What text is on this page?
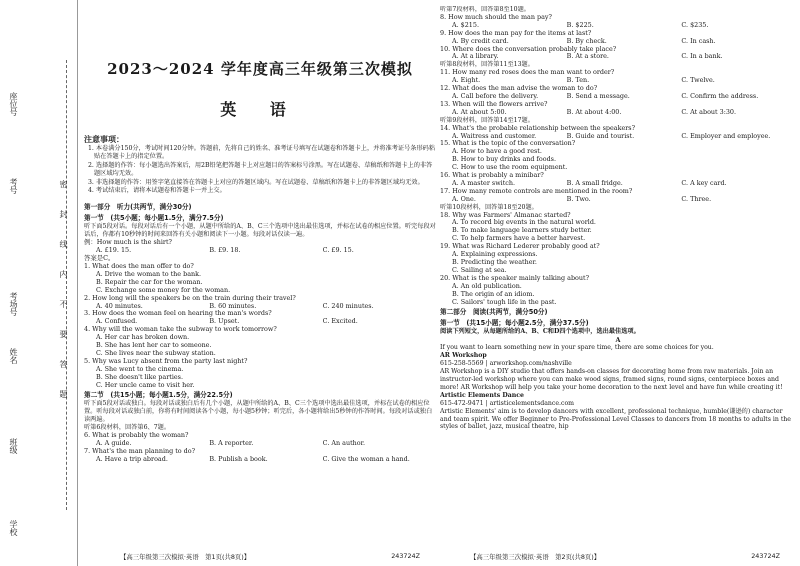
座位号
考号
考场号
姓名
班级
学校
密
封
线
内
不
要
答
题
2023～2024 学年度高三年级第三次模拟
英 语
注意事项：
1. 本卷满分150分，考试时间120分钟。答题前，先将自己的姓名、准考证号填写在试题卷和答题卡上，并将准考证号条形码粘贴在答题卡上的指定位置。
2. 选择题的作答：每小题选出答案后，用2B铅笔把答题卡上对应题目的答案标号涂黑。写在试题卷、草稿纸和答题卡上的非答题区域均无效。
3. 非选择题的作答：用签字笔直接答在答题卡上对应的答题区域内。写在试题卷、草稿纸和答题卡上的非答题区域均无效。
4. 考试结束后，请将本试题卷和答题卡一并上交。
第一部分　听力(共两节，满分30分)
第一节　(共5小题；每小题1.5分，满分7.5分)
听下面5段对话。每段对话后有一个小题，从题中所给的A、B、C三个选项中选出最佳选项，并标在试卷的相应位置。听完每段对话后，你都有10秒钟的时间来回答有关小题和阅读下一小题。每段对话仅读一遍。
例：How much is the shirt?
A. £19. 15.	B. £9. 18.	C. £9. 15.
答案是C。
1. What does the man offer to do?
A. Drive the woman to the bank.
B. Repair the car for the woman.
C. Exchange some money for the woman.
2. How long will the speakers be on the train during their travel?
A. 40 minutes.	B. 60 minutes.	C. 240 minutes.
3. How does the woman feel on hearing the man's words?
A. Confused.	B. Upset.	C. Excited.
4. Why will the woman take the subway to work tomorrow?
A. Her car has broken down.
B. She has lent her car to someone.
C. She lives near the subway station.
5. Why was Lucy absent from the party last night?
A. She went to the cinema.
B. She doesn't like parties.
C. Her uncle came to visit her.
第二节　(共15小题；每小题1.5分，满分22.5分)
听下面5段对话或独白。每段对话或独白后有几个小题，从题中所给的A、B、C三个选项中选出最佳选项，并标在试卷的相应位置。听每段对话或独白前，你将有时间阅读各个小题，每小题5秒钟；听完后，各小题将给出5秒钟的作答时间。每段对话或独白读两遍。
听第6段材料，回答第6、7题。
6. What is probably the woman?
A. A guide.	B. A reporter.	C. An author.
7. What's the man planning to do?
A. Have a trip abroad.	B. Publish a book.	C. Give the woman a hand.
听第7段材料，回答第8至10题。
8. How much should the man pay?
A. $215.	B. $225.	C. $235.
9. How does the man pay for the items at last?
A. By credit card.	B. By check.	C. In cash.
10. Where does the conversation probably take place?
A. At a library.	B. At a store.	C. In a bank.
听第8段材料，回答第11至13题。
11. How many red roses does the man want to order?
A. Eight.	B. Ten.	C. Twelve.
12. What does the man advise the woman to do?
A. Call before the delivery.	B. Send a message.	C. Confirm the address.
13. When will the flowers arrive?
A. At about 5:00.	B. At about 4:00.	C. At about 3:30.
听第9段材料，回答第14至17题。
14. What's the probable relationship between the speakers?
A. Waitress and customer.	B. Guide and tourist.	C. Employer and employee.
15. What is the topic of the conversation?
A. How to have a good rest.
B. How to buy drinks and foods.
C. How to use the room equipment.
16. What is probably a minibar?
A. A master switch.	B. A small fridge.	C. A key card.
17. How many remote controls are mentioned in the room?
A. One.	B. Two.	C. Three.
听第10段材料，回答第18至20题。
18. Why was Farmers' Almanac started?
A. To record big events in the natural world.
B. To make language learners study better.
C. To help farmers have a better harvest.
19. What was Richard Lederer probably good at?
A. Explaining expressions.
B. Predicting the weather.
C. Sailing at sea.
20. What is the speaker mainly talking about?
A. An old publication.
B. The origin of an idiom.
C. Sailors' tough life in the past.
第二部分　阅读(共两节，满分50分)
第一节　(共15小题；每小题2.5分，满分37.5分)
阅读下列短文，从每题所给的A、B、C和D四个选项中，选出最佳选项。
A
If you want to learn something new in your spare time, there are some choices for you.
AR Workshop
615-258-5569 | arworkshop.com/nashville
AR Workshop is a DIY studio that offers hands-on classes for decorating home from raw materials. Join an instructor-led workshop where you can make wood signs, framed signs, round signs, centerpiece boxes and more! AR Workshop will help you take your home decoration to the next level and have fun while creating it!
Artistic Elements Dance
615-472-9471 | artisticelementsdance.com
Artistic Elements' aim is to develop dancers with excellent, professional technique, humble(谦逊的) character and team spirit. We offer Beginner to Pre-Professional Level Classes to dancers from 18 months to adults in the styles of ballet, jazz, musical theatre, hip
【高三年级第三次模拟·英语　第1页(共8页)】	243724Z	【高三年级第三次模拟·英语　第2页(共8页)】	243724Z
